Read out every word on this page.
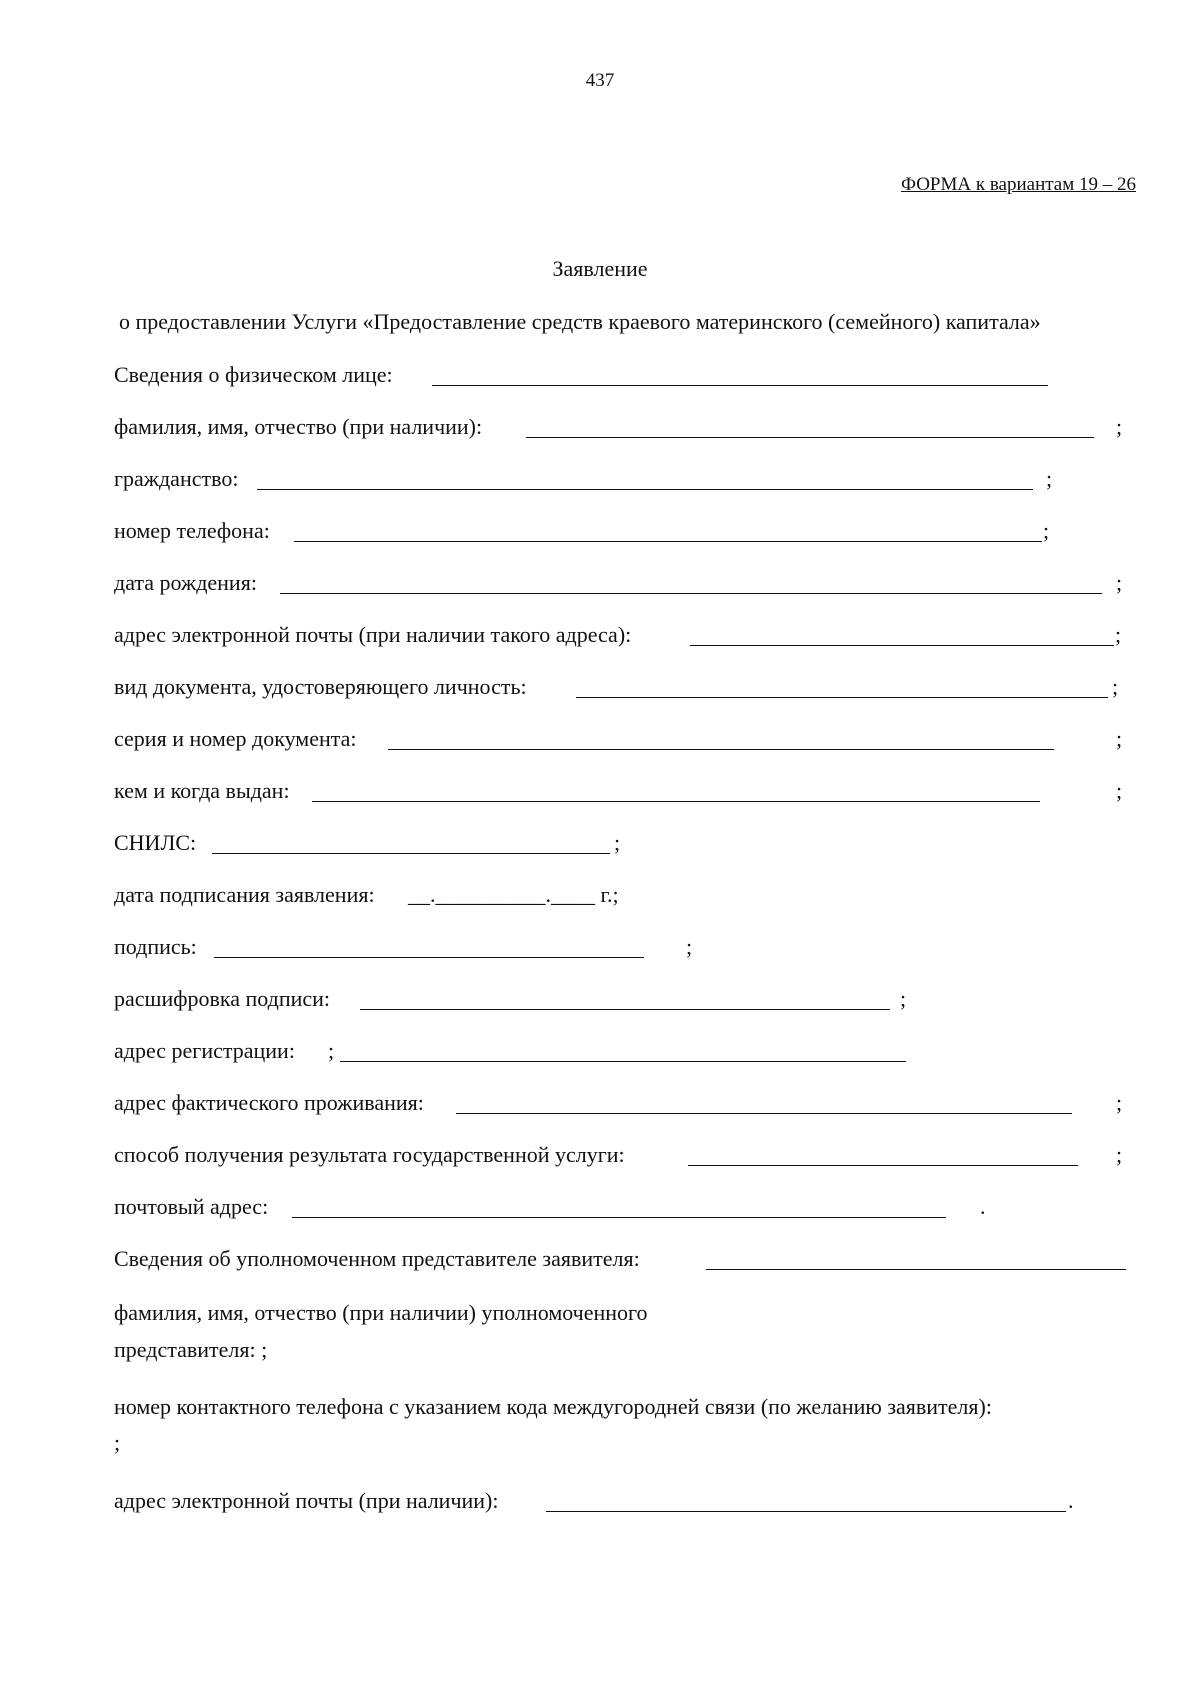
437
ФОРМА к вариантам 19 – 26
Заявление
о предоставлении Услуги «Предоставление средств краевого материнского (семейного) капитала»
Сведения о физическом лице:
фамилия, имя, отчество (при наличии):	;
гражданство:	;
номер телефона:	;
дата рождения:	;
адрес электронной почты (при наличии такого адреса):	;
вид документа, удостоверяющего личность:	;
серия и номер документа:	;
кем и когда выдан:	;
СНИЛС:	;
дата подписания заявления: __.__________.____ г.;
подпись:	;
расшифровка подписи:	;
адрес регистрации: ;
адрес фактического проживания:	;
способ получения результата государственной услуги:	;
почтовый адрес:	.
Сведения об уполномоченном представителе заявителя:
фамилия, имя, отчество (при наличии) уполномоченного
представителя: ;
номер контактного телефона с указанием кода междугородней связи (по желанию заявителя):
;
адрес электронной почты (при наличии):	.
